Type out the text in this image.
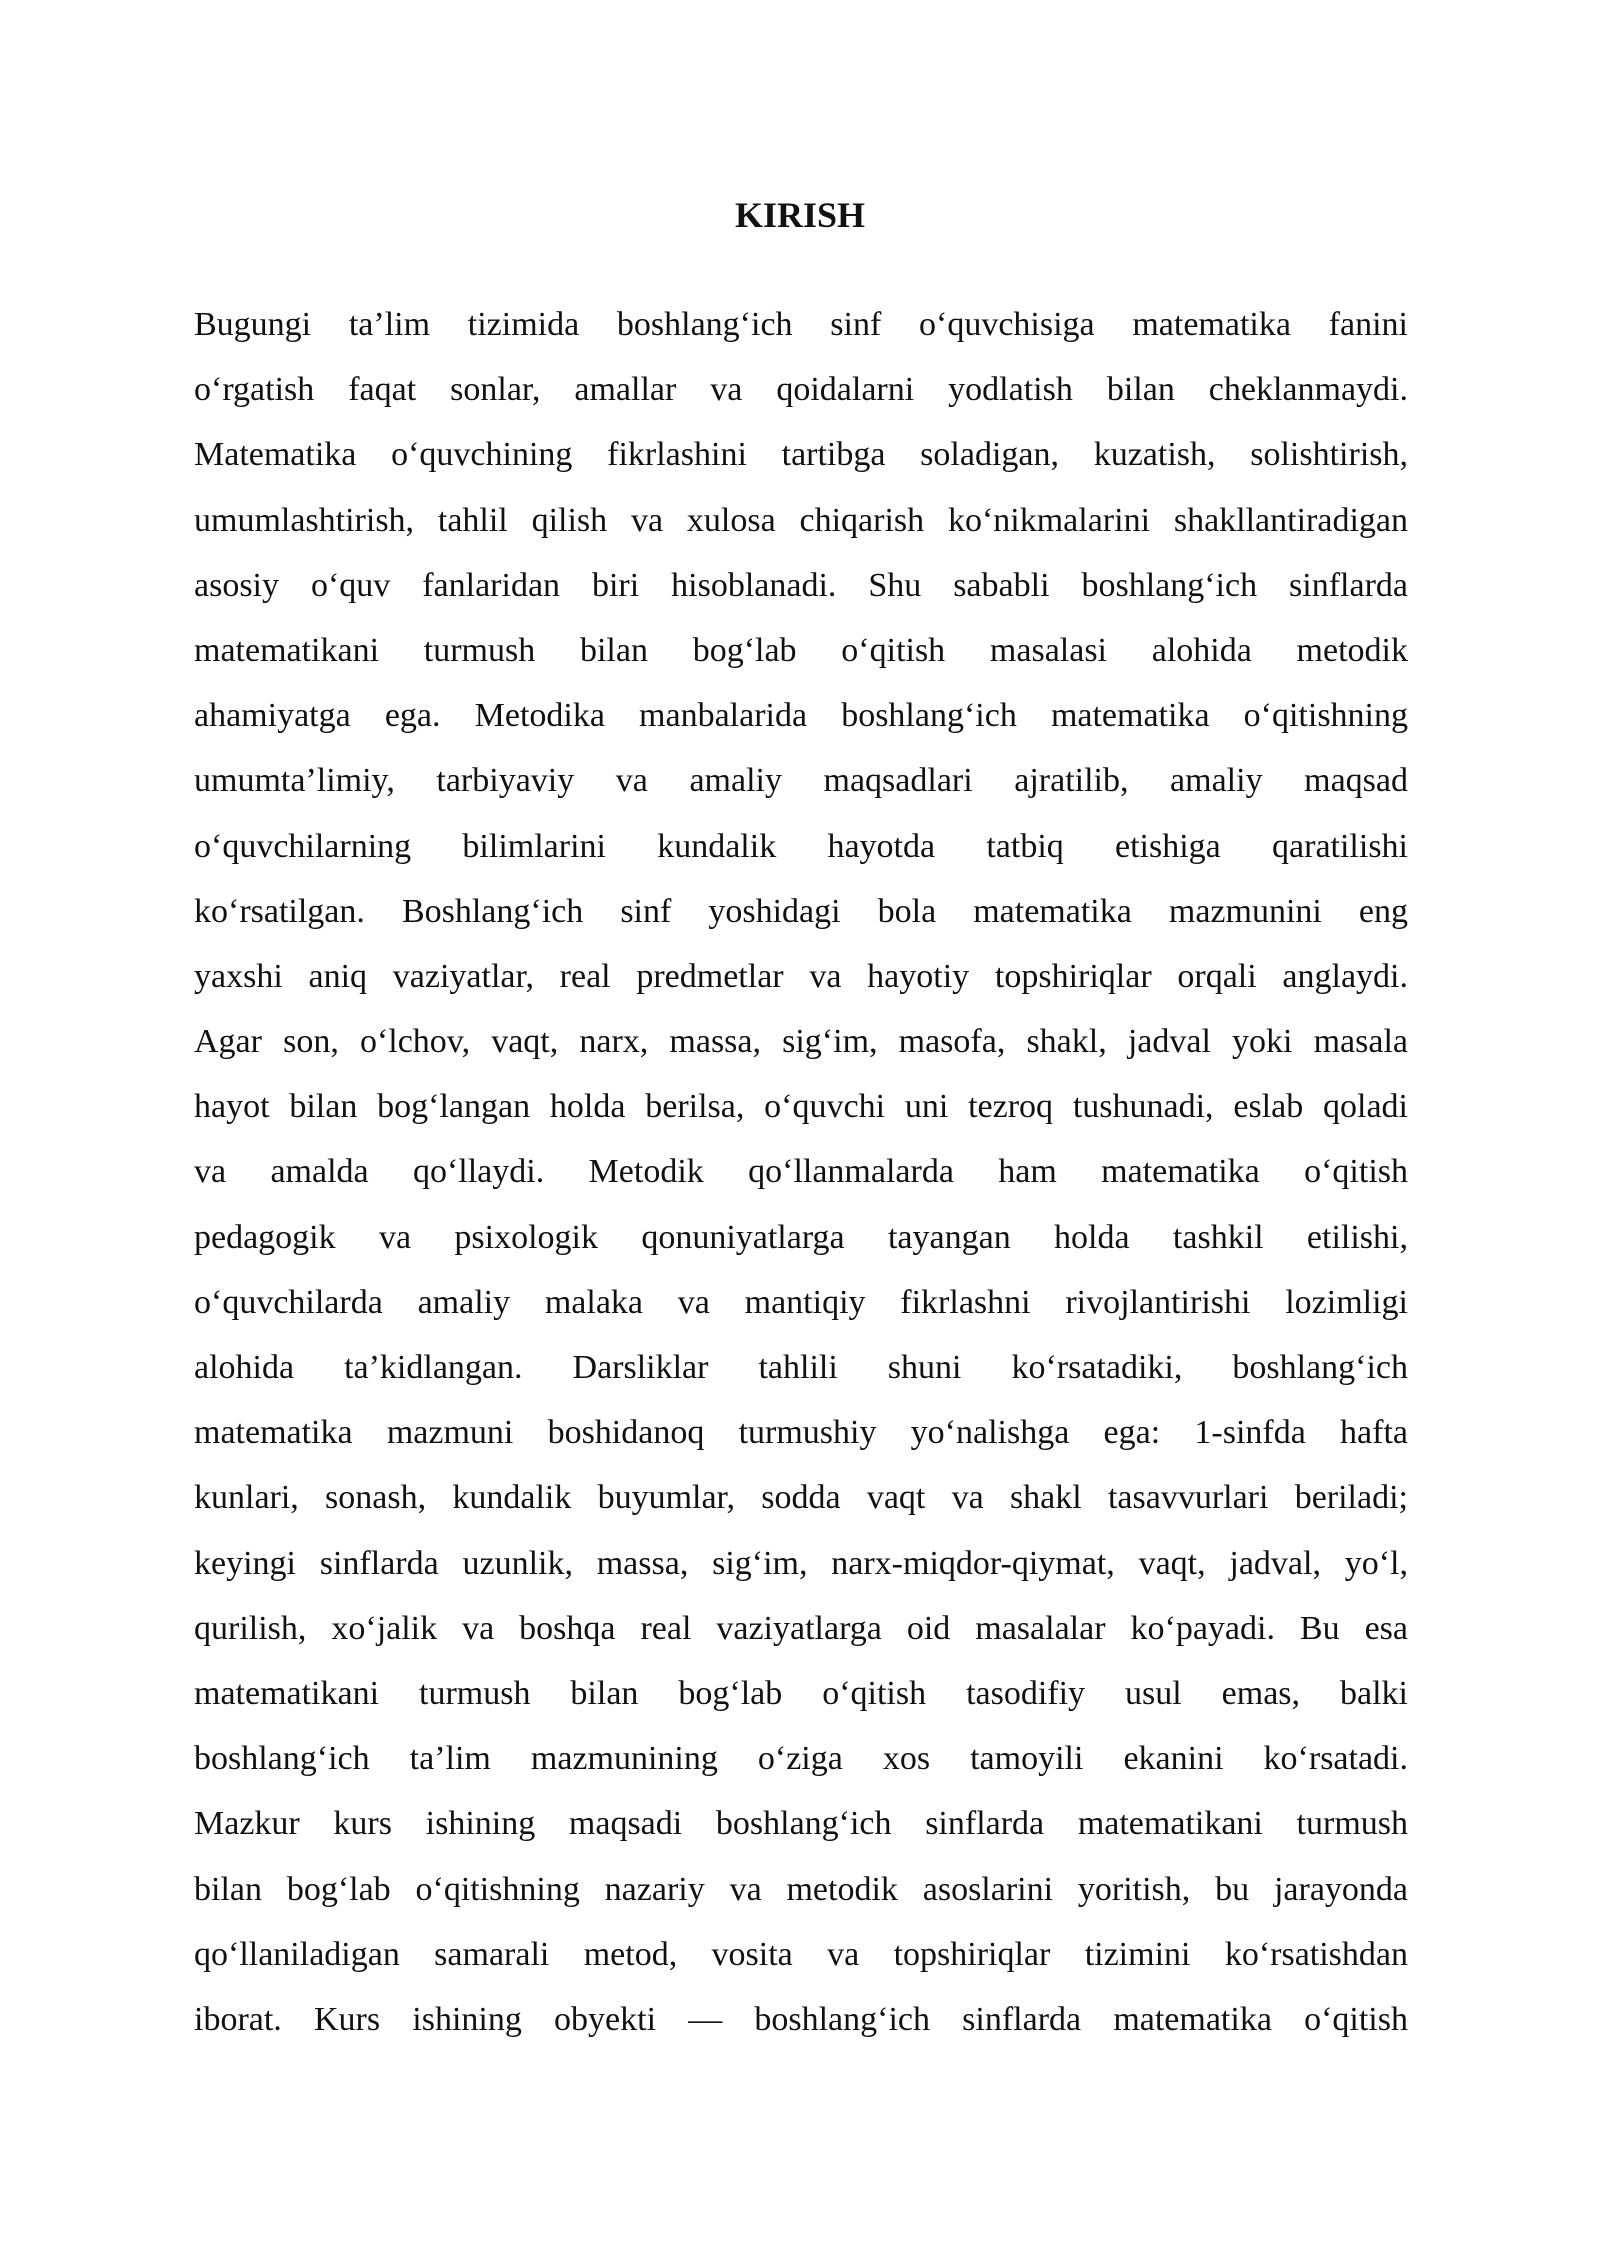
KIRISH
Bugungi ta’lim tizimida boshlang‘ich sinf o‘quvchisiga matematika fanini
o‘rgatish faqat sonlar, amallar va qoidalarni yodlatish bilan cheklanmaydi.
Matematika o‘quvchining fikrlashini tartibga soladigan, kuzatish, solishtirish,
umumlashtirish, tahlil qilish va xulosa chiqarish ko‘nikmalarini shakllantiradigan
asosiy o‘quv fanlaridan biri hisoblanadi. Shu sababli boshlang‘ich sinflarda
matematikani turmush bilan bog‘lab o‘qitish masalasi alohida metodik
ahamiyatga ega. Metodika manbalarida boshlang‘ich matematika o‘qitishning
umumta’limiy, tarbiyaviy va amaliy maqsadlari ajratilib, amaliy maqsad
o‘quvchilarning bilimlarini kundalik hayotda tatbiq etishiga qaratilishi
ko‘rsatilgan. Boshlang‘ich sinf yoshidagi bola matematika mazmunini eng
yaxshi aniq vaziyatlar, real predmetlar va hayotiy topshiriqlar orqali anglaydi.
Agar son, o‘lchov, vaqt, narx, massa, sig‘im, masofa, shakl, jadval yoki masala
hayot bilan bog‘langan holda berilsa, o‘quvchi uni tezroq tushunadi, eslab qoladi
va amalda qo‘llaydi. Metodik qo‘llanmalarda ham matematika o‘qitish
pedagogik va psixologik qonuniyatlarga tayangan holda tashkil etilishi,
o‘quvchilarda amaliy malaka va mantiqiy fikrlashni rivojlantirishi lozimligi
alohida ta’kidlangan. Darsliklar tahlili shuni ko‘rsatadiki, boshlang‘ich
matematika mazmuni boshidanoq turmushiy yo‘nalishga ega: 1-sinfda hafta
kunlari, sonash, kundalik buyumlar, sodda vaqt va shakl tasavvurlari beriladi;
keyingi sinflarda uzunlik, massa, sig‘im, narx-miqdor-qiymat, vaqt, jadval, yo‘l,
qurilish, xo‘jalik va boshqa real vaziyatlarga oid masalalar ko‘payadi. Bu esa
matematikani turmush bilan bog‘lab o‘qitish tasodifiy usul emas, balki
boshlang‘ich ta’lim mazmunining o‘ziga xos tamoyili ekanini ko‘rsatadi.
Mazkur kurs ishining maqsadi boshlang‘ich sinflarda matematikani turmush
bilan bog‘lab o‘qitishning nazariy va metodik asoslarini yoritish, bu jarayonda
qo‘llaniladigan samarali metod, vosita va topshiriqlar tizimini ko‘rsatishdan
iborat. Kurs ishining obyekti — boshlang‘ich sinflarda matematika o‘qitish
